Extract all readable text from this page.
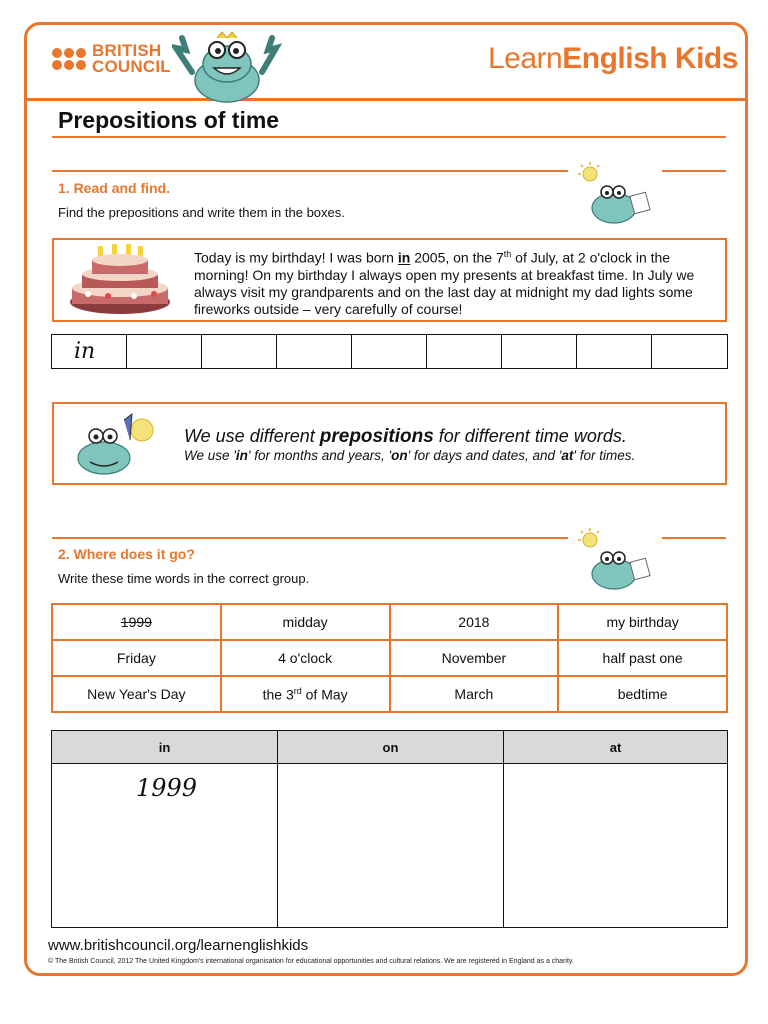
BRITISH
COUNCIL	LearnEnglish Kids
Prepositions of time
1. Read and find.
Find the prepositions and write them in the boxes.
Today is my birthday! I was born in 2005, on the 7th of July, at 2 o'clock in the morning! On my birthday I always open my presents at breakfast time. In July we always visit my grandparents and on the last day at midnight my dad lights some fireworks outside – very carefully of course!
in
We use different prepositions for different time words.
We use 'in' for months and years, 'on' for days and dates, and 'at' for times.
2. Where does it go?
Write these time words in the correct group.
1999	midday	2018	my birthday
Friday	4 o'clock	November	half past one
New Year's Day	the 3rd of May	March	bedtime
in	on	at

1999		

www.britishcouncil.org/learnenglishkids
© The British Council, 2012 The United Kingdom's international organisation for educational opportunities and cultural relations. We are registered in England as a charity.
